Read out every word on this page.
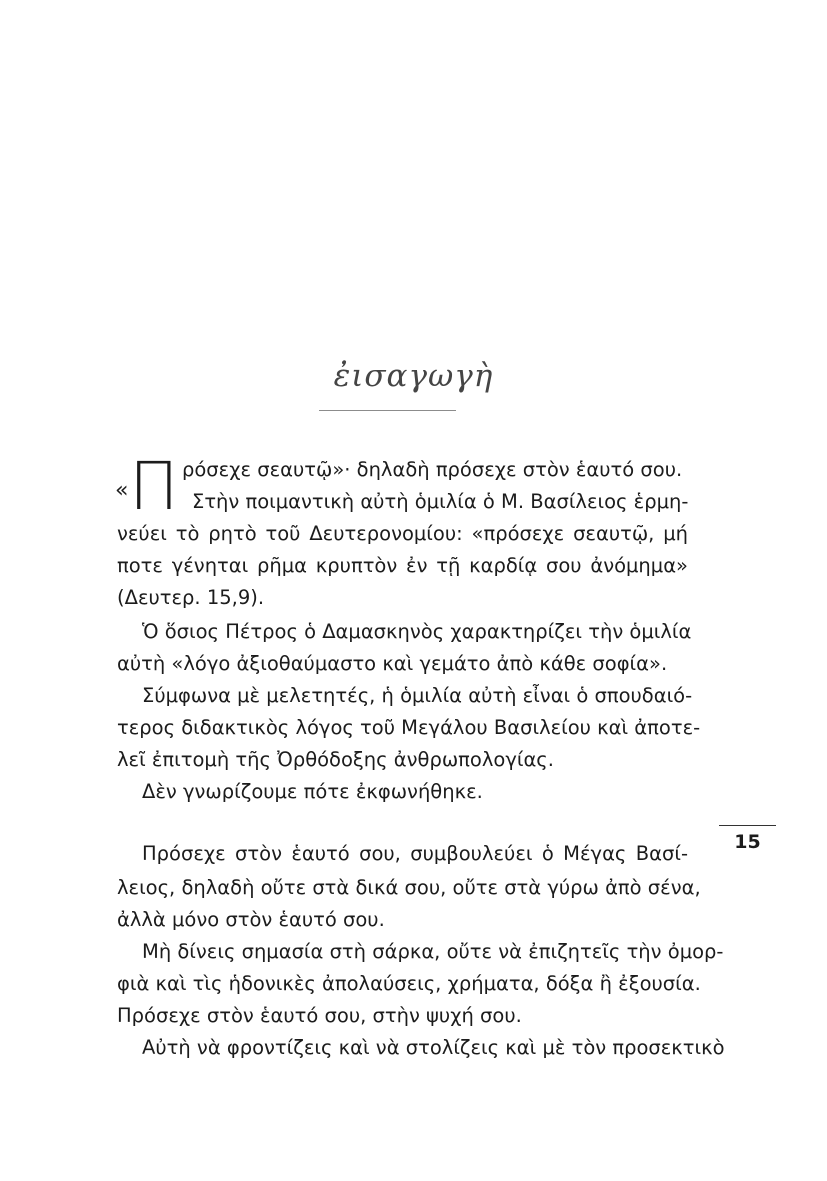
ἐισαγωγὴ
« Π ρόσεχε σεαυτῷ»· δηλαδὴ πρόσεχε στὸν ἑαυτό σου.
Στὴν ποιμαντικὴ αὐτὴ ὁμιλία ὁ Μ. Βασίλειος ἑρμη-
νεύει τὸ ρητὸ τοῦ Δευτερονομίου: «πρόσεχε σεαυτῷ, μή
ποτε γένηται ρῆμα κρυπτὸν ἐν τῇ καρδίᾳ σου ἀνόμημα»
(Δευτερ. 15,9).
Ὁ ὅσιος Πέτρος ὁ Δαμασκηνὸς χαρακτηρίζει τὴν ὁμιλία
αὐτὴ «λόγο ἀξιοθαύμαστο καὶ γεμάτο ἀπὸ κάθε σοφία».
Σύμφωνα μὲ μελετητές, ἡ ὁμιλία αὐτὴ εἶναι ὁ σπουδαιό-
τερος διδακτικὸς λόγος τοῦ Μεγάλου Βασιλείου καὶ ἀποτε-
λεῖ ἐπιτομὴ τῆς Ὀρθόδοξης ἀνθρωπολογίας.
Δὲν γνωρίζουμε πότε ἐκφωνήθηκε.
15
Πρόσεχε στὸν ἑαυτό σου, συμβουλεύει ὁ Μέγας Βασί-
λειος, δηλαδὴ οὔτε στὰ δικά σου, οὔτε στὰ γύρω ἀπὸ σένα,
ἀλλὰ μόνο στὸν ἑαυτό σου.
Μὴ δίνεις σημασία στὴ σάρκα, οὔτε νὰ ἐπιζητεῖς τὴν ὀμορ-
φιὰ καὶ τὶς ἡδονικὲς ἀπολαύσεις, χρήματα, δόξα ἢ ἐξουσία.
Πρόσεχε στὸν ἑαυτό σου, στὴν ψυχή σου.
Αὐτὴ νὰ φροντίζεις καὶ νὰ στολίζεις καὶ μὲ τὸν προσεκτικὸ
